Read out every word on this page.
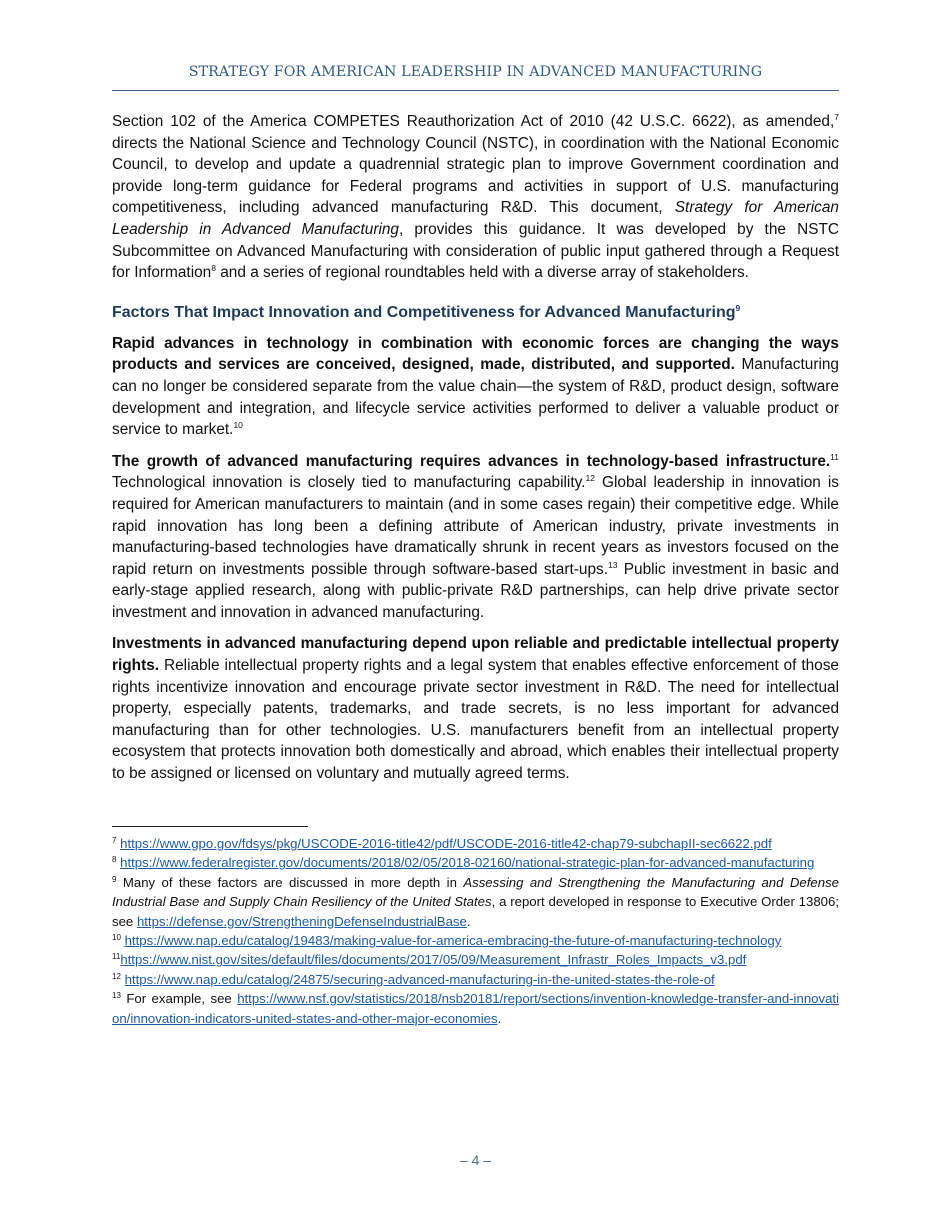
STRATEGY FOR AMERICAN LEADERSHIP IN ADVANCED MANUFACTURING

Section 102 of the America COMPETES Reauthorization Act of 2010 (42 U.S.C. 6622), as amended,$^7$ directs the National Science and Technology Council (NSTC), in coordination with the National Economic Council, to develop and update a quadrennial strategic plan to improve Government coordination and provide long-term guidance for Federal programs and activities in support of U.S. manufacturing competitiveness, including advanced manufacturing R&D. This document, Strategy for American Leadership in Advanced Manufacturing, provides this guidance. It was developed by the NSTC Subcommittee on Advanced Manufacturing with consideration of public input gathered through a Request for Information$^8$ and a series of regional roundtables held with a diverse array of stakeholders.

Factors That Impact Innovation and Competitiveness for Advanced Manufacturing$^9$

Rapid advances in technology in combination with economic forces are changing the ways products and services are conceived, designed, made, distributed, and supported. Manufacturing can no longer be considered separate from the value chain—the system of R&D, product design, software development and integration, and lifecycle service activities performed to deliver a valuable product or service to market.$^{10}$

The growth of advanced manufacturing requires advances in technology-based infrastructure.$^{11}$ Technological innovation is closely tied to manufacturing capability.$^{12}$ Global leadership in innovation is required for American manufacturers to maintain (and in some cases regain) their competitive edge. While rapid innovation has long been a defining attribute of American industry, private investments in manufacturing-based technologies have dramatically shrunk in recent years as investors focused on the rapid return on investments possible through software-based start-ups.$^{13}$ Public investment in basic and early-stage applied research, along with public-private R&D partnerships, can help drive private sector investment and innovation in advanced manufacturing.

Investments in advanced manufacturing depend upon reliable and predictable intellectual property rights. Reliable intellectual property rights and a legal system that enables effective enforcement of those rights incentivize innovation and encourage private sector investment in R&D. The need for intellectual property, especially patents, trademarks, and trade secrets, is no less important for advanced manufacturing than for other technologies. U.S. manufacturers benefit from an intellectual property ecosystem that protects innovation both domestically and abroad, which enables their intellectual property to be assigned or licensed on voluntary and mutually agreed terms.

$^7$ https://www.gpo.gov/fdsys/pkg/USCODE-2016-title42/pdf/USCODE-2016-title42-chap79-subchapII-sec6622.pdf

$^8$ https://www.federalregister.gov/documents/2018/02/05/2018-02160/national-strategic-plan-for-advanced-manufacturing

$^9$ Many of these factors are discussed in more depth in Assessing and Strengthening the Manufacturing and Defense Industrial Base and Supply Chain Resiliency of the United States, a report developed in response to Executive Order 13806; see https://defense.gov/StrengtheningDefenseIndustrialBase.

$^{10}$ https://www.nap.edu/catalog/19483/making-value-for-america-embracing-the-future-of-manufacturing-technology

$^{11}$https://www.nist.gov/sites/default/files/documents/2017/05/09/Measurement_Infrastr_Roles_Impacts_v3.pdf

$^{12}$ https://www.nap.edu/catalog/24875/securing-advanced-manufacturing-in-the-united-states-the-role-of

$^{13}$ For example, see https://www.nsf.gov/statistics/2018/nsb20181/report/sections/invention-knowledge-transfer-and-innovation/innovation-indicators-united-states-and-other-major-economies.

– 4 –
